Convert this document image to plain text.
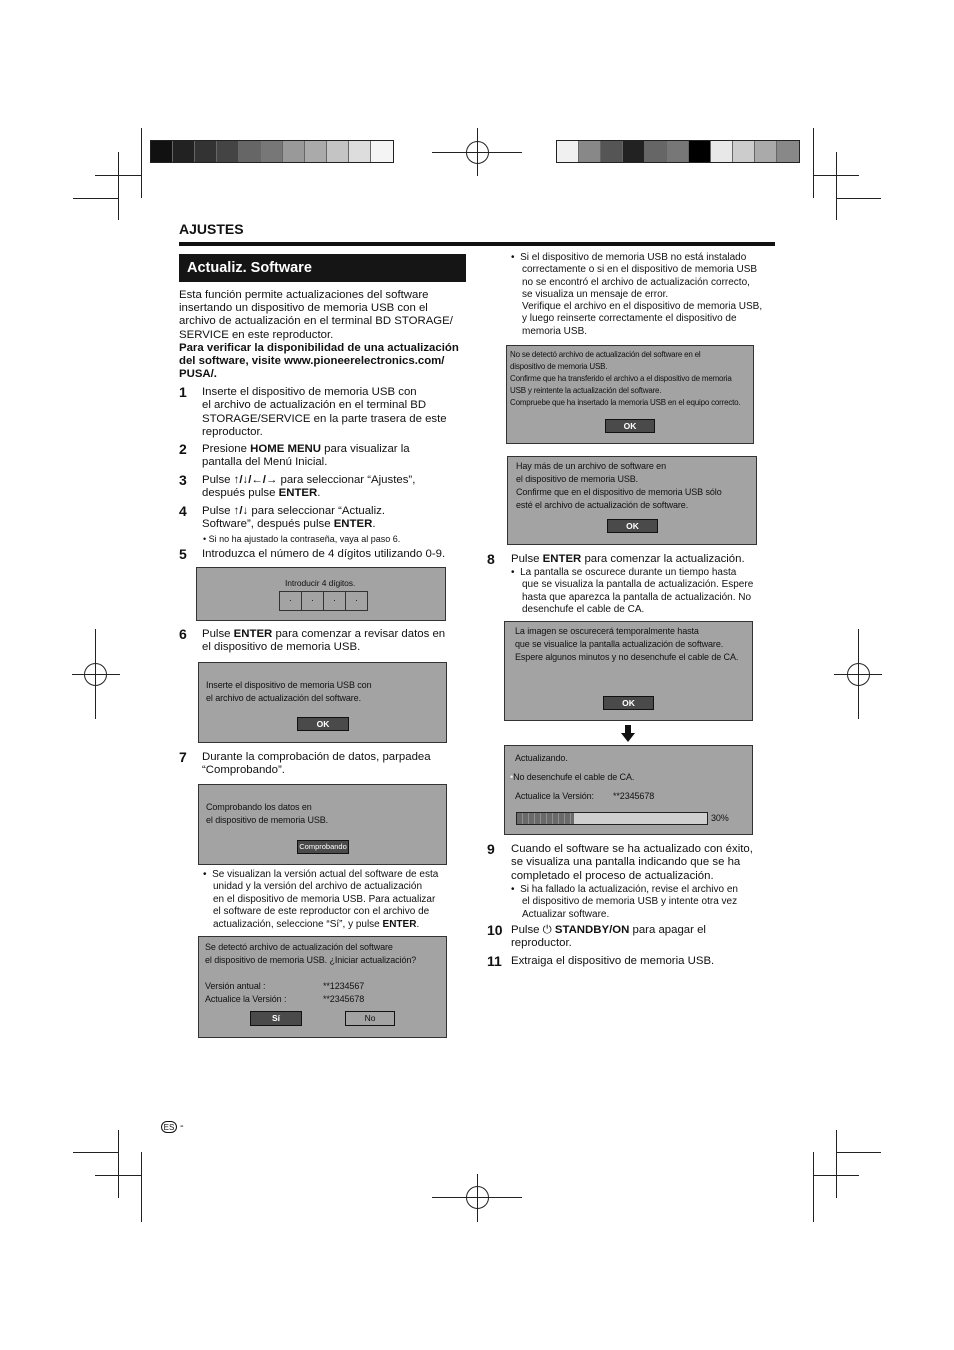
AJUSTES
Actualiz. Software
Esta función permite actualizaciones del software
insertando un dispositivo de memoria USB con el
archivo de actualización en el terminal BD STORAGE/
SERVICE en este reproductor.
Para verificar la disponibilidad de una actualización
del software, visite www.pioneerelectronics.com/
PUSA/.
1 Inserte el dispositivo de memoria USB con
el archivo de actualización en el terminal BD
STORAGE/SERVICE en la parte trasera de este
reproductor.
2 Presione HOME MENU para visualizar la
pantalla del Menú Inicial.
3 Pulse ↑/↓/←/→ para seleccionar “Ajustes”,
después pulse ENTER.
4 Pulse ↑/↓ para seleccionar “Actualiz.
Software”, después pulse ENTER.
• Si no ha ajustado la contraseña, vaya al paso 6.
5 Introduzca el número de 4 dígitos utilizando 0-9.
Introducir 4 dígitos.
·	·	·	·
6 Pulse ENTER para comenzar a revisar datos en
el dispositivo de memoria USB.
Inserte el dispositivo de memoria USB con
el archivo de actualización del software.
OK
7 Durante la comprobación de datos, parpadea
“Comprobando”.
Comprobando los datos en
el dispositivo de memoria USB.
Comprobando
•  Se visualizan la versión actual del software de esta
unidad y la versión del archivo de actualización
en el dispositivo de memoria USB. Para actualizar
el software de este reproductor con el archivo de
actualización, seleccione “Sí”, y pulse ENTER.
Se detectó archivo de actualización del software
el dispositivo de memoria USB. ¿Iniciar actualización?
Versión antual :	**1234567
Actualice la Versión :	**2345678
Sí	No
•  Si el dispositivo de memoria USB no está instalado
correctamente o si en el dispositivo de memoria USB
no se encontró el archivo de actualización correcto,
se visualiza un mensaje de error.
Verifique el archivo en el dispositivo de memoria USB,
y luego reinserte correctamente el dispositivo de
memoria USB.
No se detectó archivo de actualización del software en el
dispositivo de memoria USB.
Confirme que ha transferido el archivo a el dispositivo de memoria
USB y reintente la actualización del software.
Compruebe que ha insertado la memoria USB en el equipo correcto.
OK
Hay más de un archivo de software en
el dispositivo de memoria USB.
Confirme que en el dispositivo de memoria USB sólo
esté el archivo de actualización de software.
OK
8 Pulse ENTER para comenzar la actualización.
•  La pantalla se oscurece durante un tiempo hasta
que se visualiza la pantalla de actualización. Espere
hasta que aparezca la pantalla de actualización. No
desenchufe el cable de CA.
La imagen se oscurecerá temporalmente hasta
que se visualice la pantalla actualización de software.
Espere algunos minutos y no desenchufe el cable de CA.
OK
Actualizando.
•No desenchufe el cable de CA.
Actualice la Versión: **2345678
30%
9 Cuando el software se ha actualizado con éxito,
se visualiza una pantalla indicando que se ha
completado el proceso de actualización.
•  Si ha fallado la actualización, revise el archivo en
el dispositivo de memoria USB y intente otra vez
Actualizar software.
10 Pulse ⏻ STANDBY/ON para apagar el
reproductor.
11 Extraiga el dispositivo de memoria USB.
ES -
